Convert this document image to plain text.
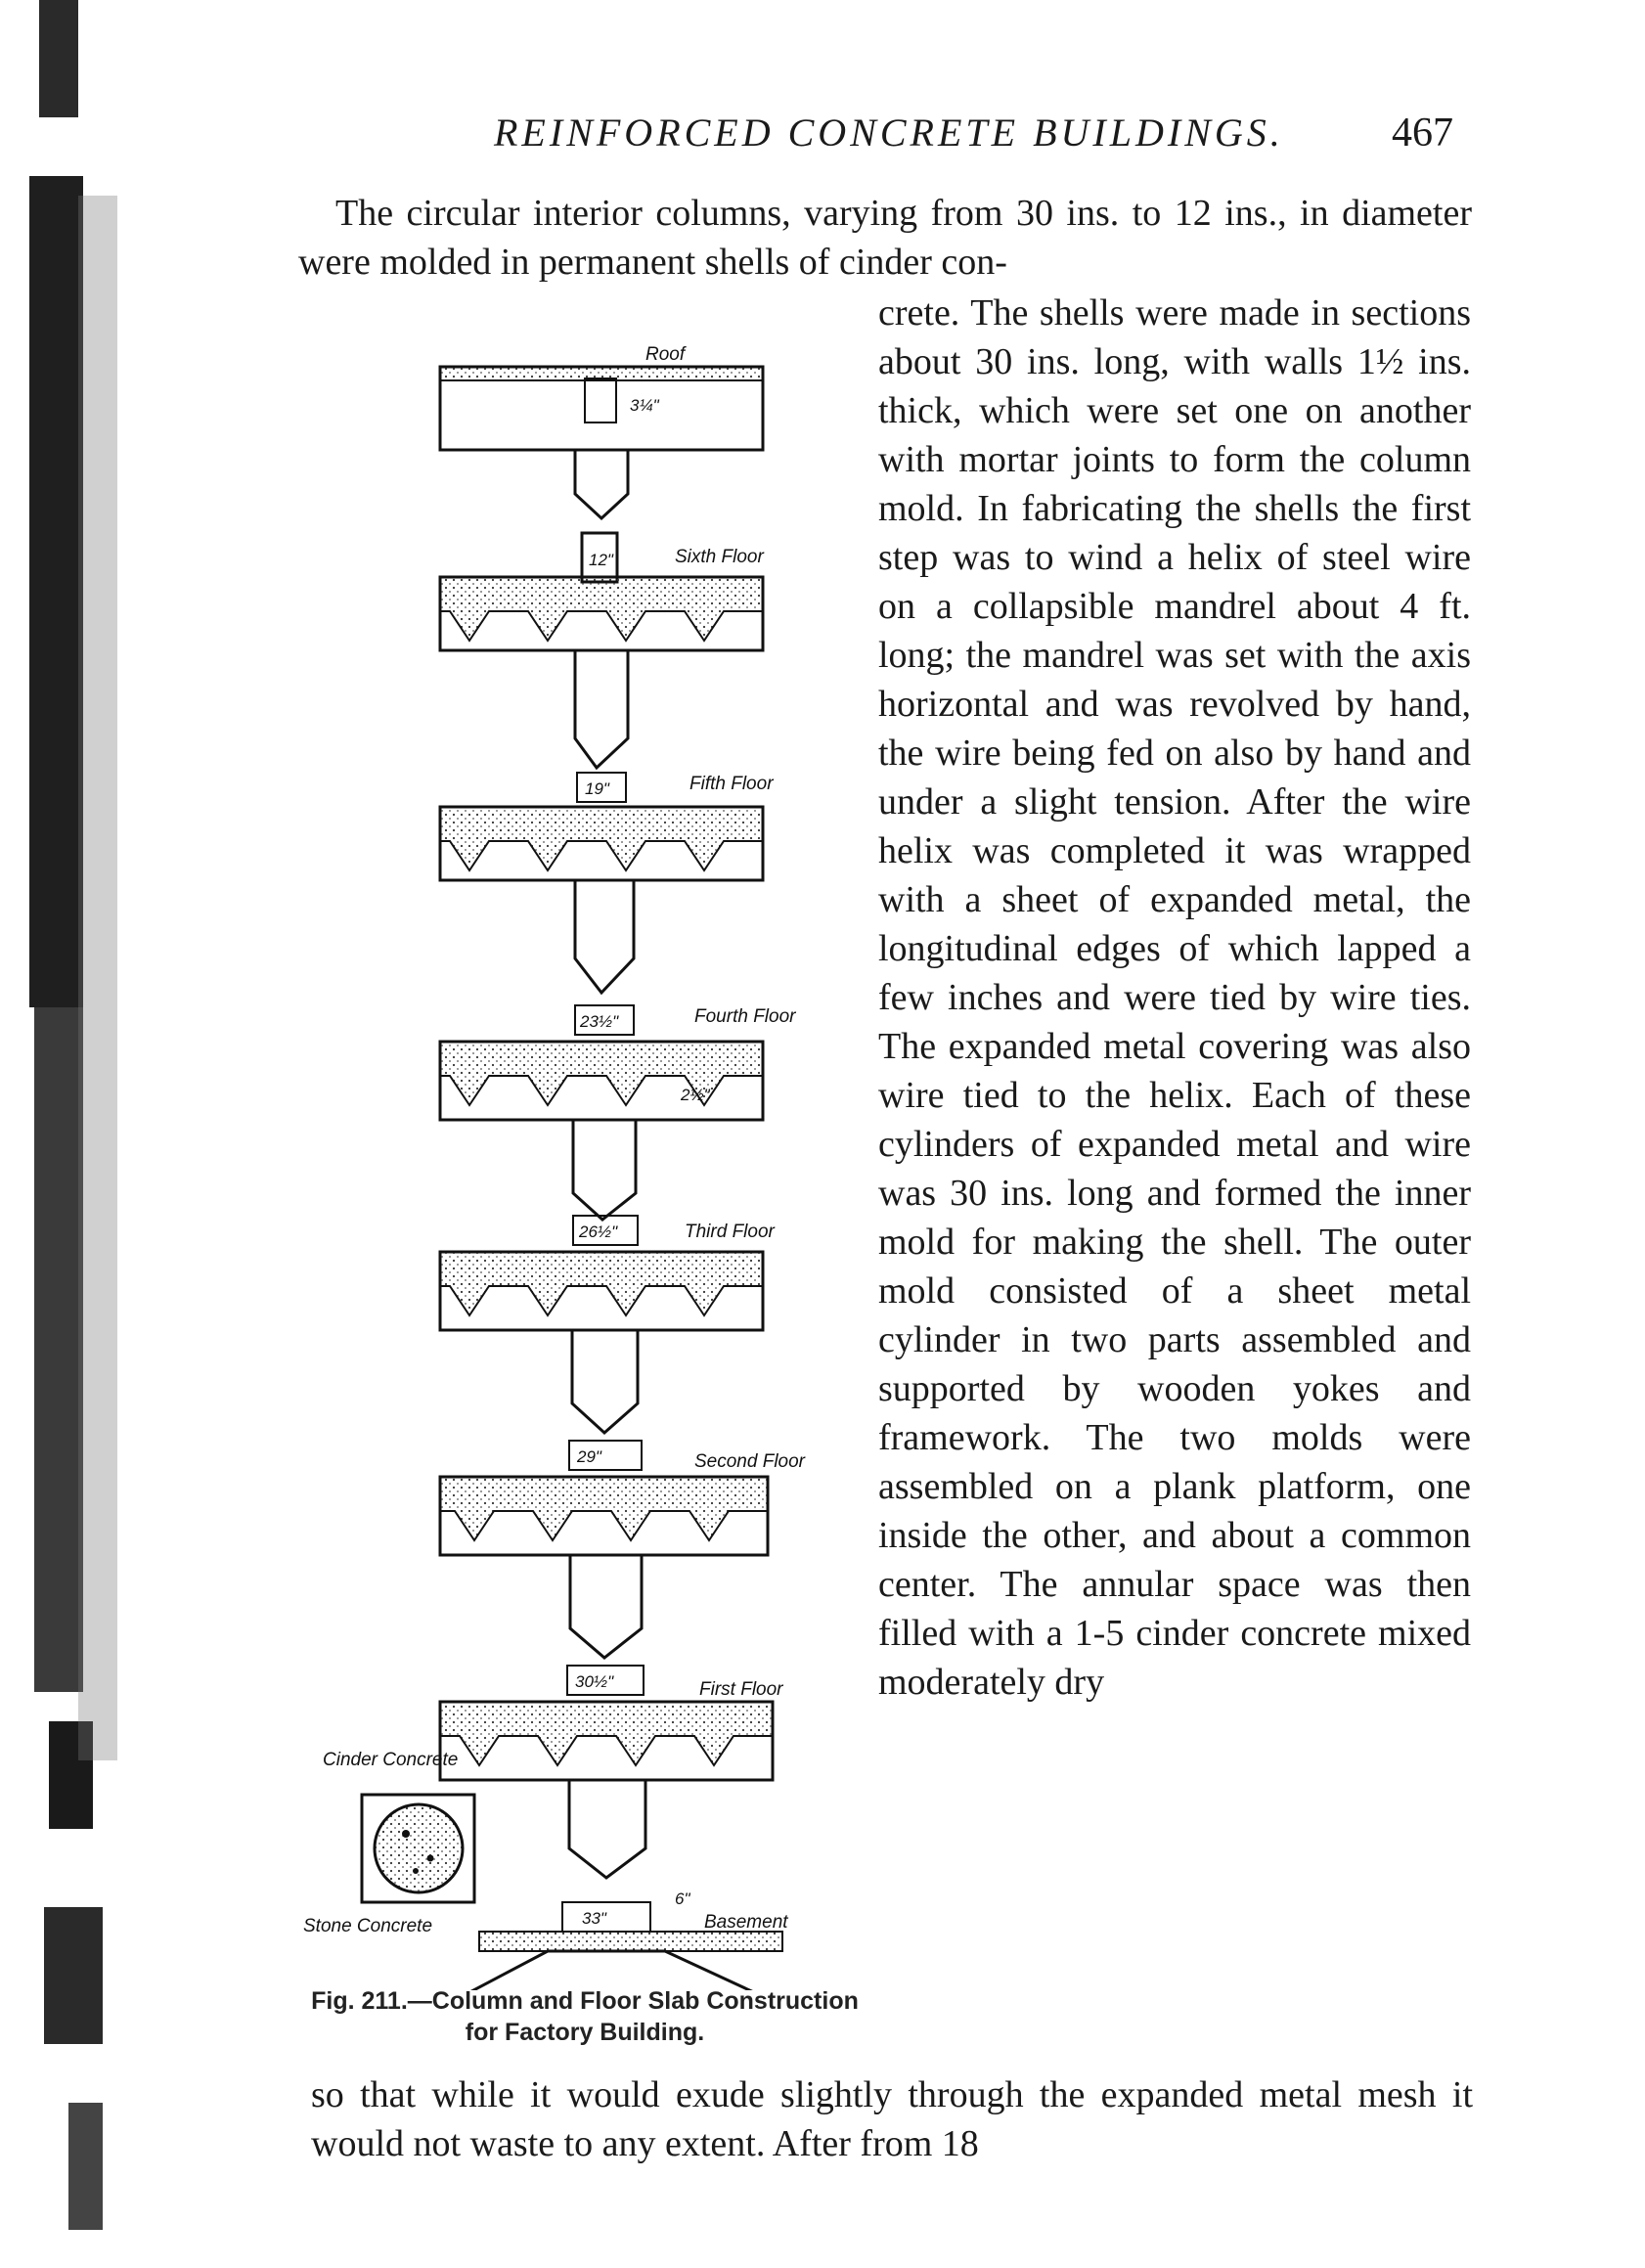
REINFORCED CONCRETE BUILDINGS.	467

The circular interior columns, varying from 30 ins. to 12 ins., in diameter were molded in permanent shells of cinder con-

crete. The shells were made in sections about 30 ins. long, with walls 1½ ins. thick, which were set one on another with mortar joints to form the column mold. In fabricating the shells the first step was to wind a helix of steel wire on a collapsible mandrel about 4 ft. long; the mandrel was set with the axis horizontal and was revolved by hand, the wire being fed on also by hand and under a slight tension. After the wire helix was completed it was wrapped with a sheet of expanded metal, the longitudinal edges of which lapped a few inches and were tied by wire ties. The expanded metal covering was also wire tied to the helix. Each of these cylinders of expanded metal and wire was 30 ins. long and formed the inner mold for making the shell. The outer mold consisted of a sheet metal cylinder in two parts assembled and supported by wooden yokes and framework. The two molds were assembled on a plank platform, one inside the other, and about a common center. The annular space was then filled with a 1-5 cinder concrete mixed moderately dry

so that while it would exude slightly through the expanded metal mesh it would not waste to any extent. After from 18

Roof
3¼"
12"	Sixth Floor
19"	Fifth Floor
23½"
2½"
Fourth Floor
26½"	Third Floor
29"	Second Floor
30½"	First Floor
Cinder Concrete
Stone Concrete	33"
6"
Basement

Fig. 211.—Column and Floor Slab Construction for Factory Building.
